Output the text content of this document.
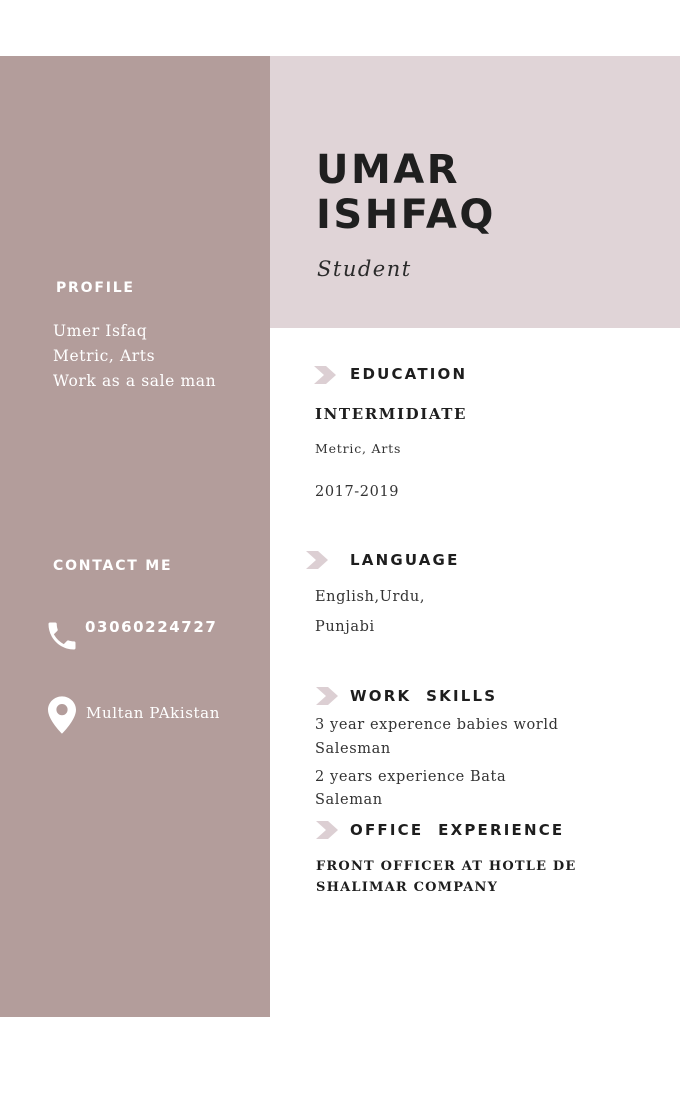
UMAR
ISHFAQ
Student
PROFILE
Umer Isfaq
Metric, Arts
Work as a sale man
CONTACT ME
03060224727
Multan PAkistan
EDUCATION
INTERMIDIATE
Metric, Arts
2017-2019
LANGUAGE
English,Urdu,
Punjabi
WORK  SKILLS
3 year experence babies world
Salesman
2 years experience Bata
Saleman
OFFICE  EXPERIENCE
FRONT OFFICER AT HOTLE DE
SHALIMAR COMPANY
